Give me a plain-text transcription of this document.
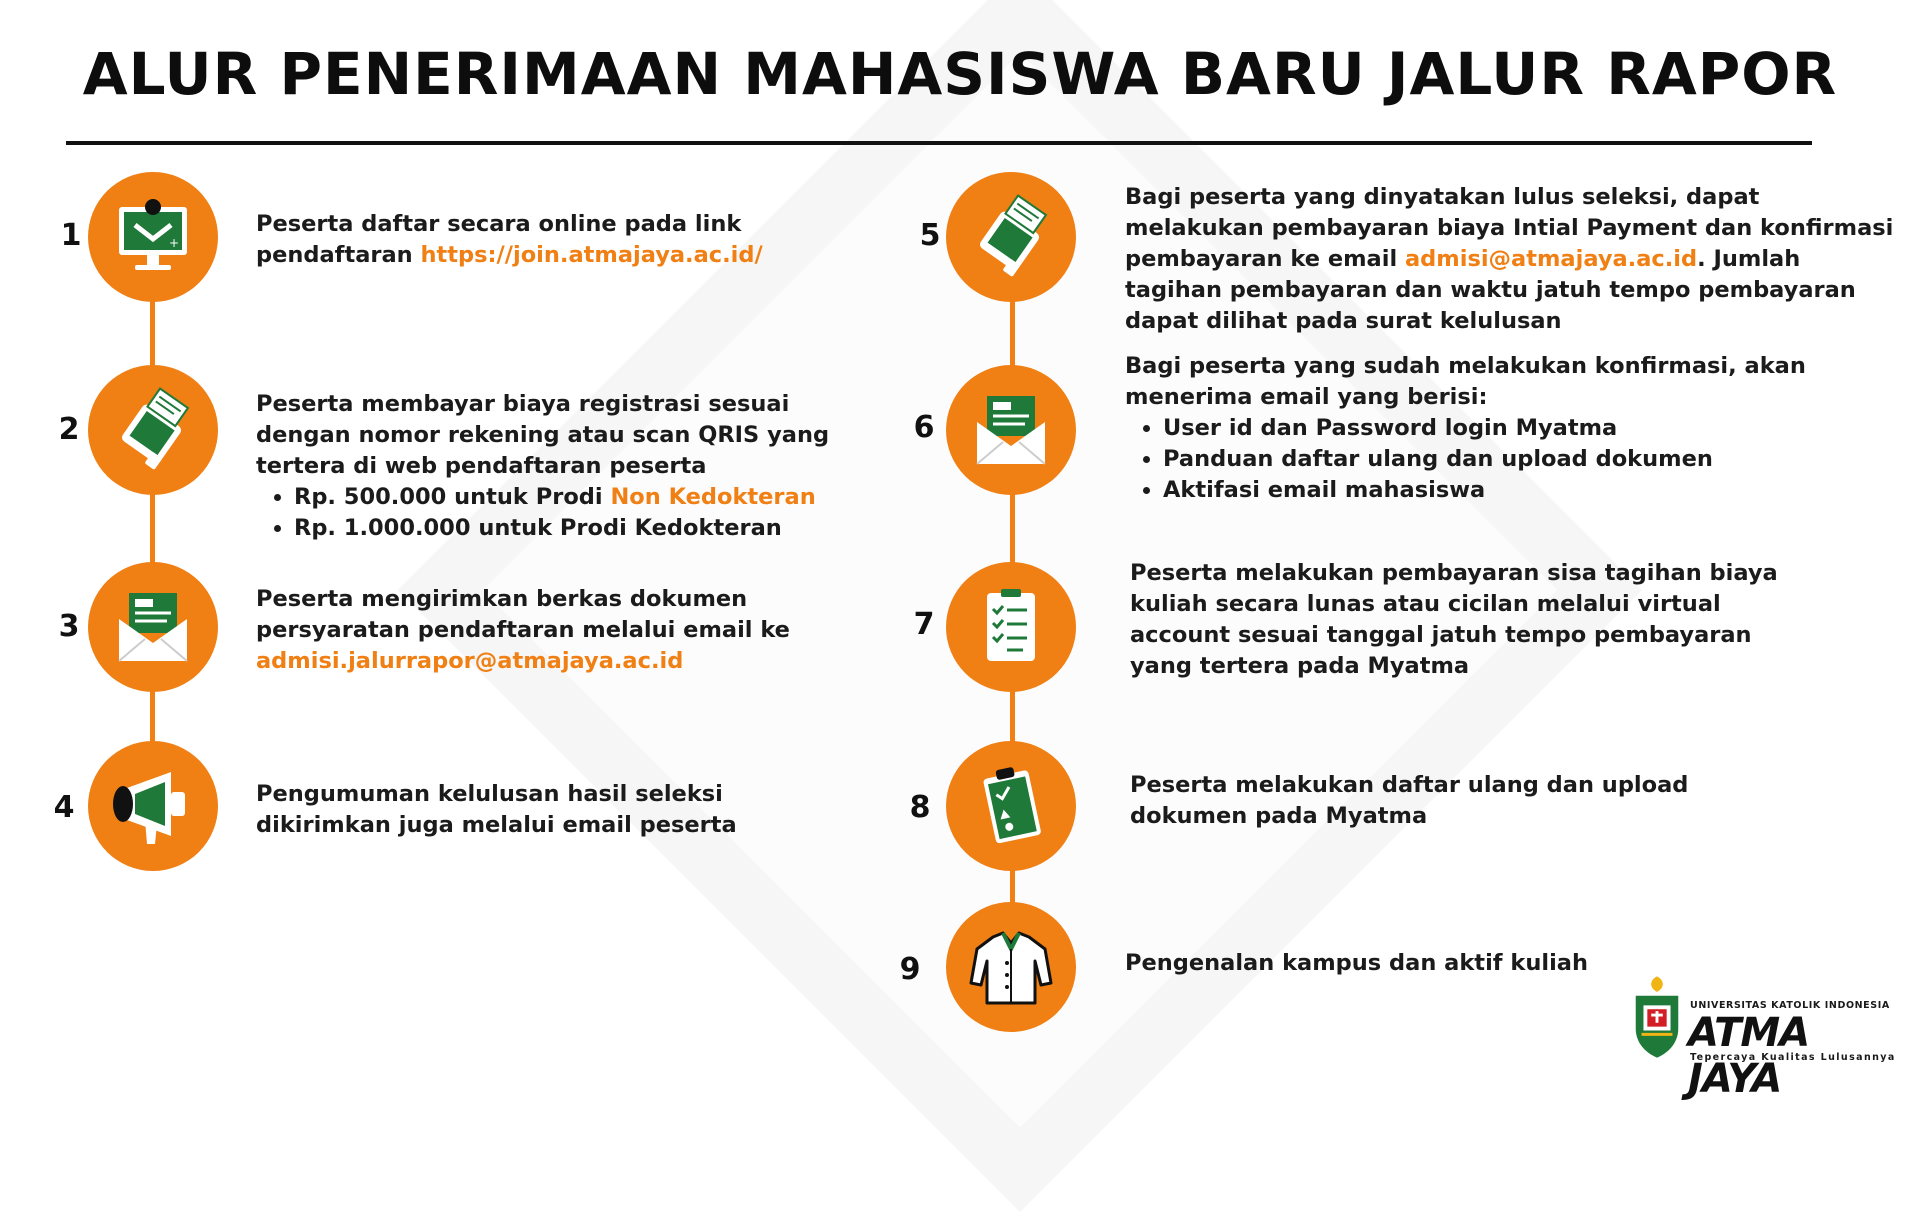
ALUR PENERIMAAN MAHASISWA BARU JALUR RAPOR
1	+
Peserta daftar secara online pada link pendaftaran https://join.atmajaya.ac.id/
2
Peserta membayar biaya registrasi sesuai dengan nomor rekening atau scan QRIS yang tertera di web pendaftaran peserta
• Rp. 500.000 untuk Prodi Non Kedokteran
• Rp. 1.000.000 untuk Prodi Kedokteran
3
Peserta mengirimkan berkas dokumen persyaratan pendaftaran melalui email ke admisi.jalurrapor@atmajaya.ac.id
4	Pengumuman kelulusan hasil seleksi dikirimkan juga melalui email peserta
5
Bagi peserta yang dinyatakan lulus seleksi, dapat melakukan pembayaran biaya Intial Payment dan konfirmasi pembayaran ke email admisi@atmajaya.ac.id. Jumlah tagihan pembayaran dan waktu jatuh tempo pembayaran dapat dilihat pada surat kelulusan
6
Bagi peserta yang sudah melakukan konfirmasi, akan menerima email yang berisi:
• User id dan Password login Myatma
• Panduan daftar ulang dan upload dokumen
• Aktifasi email mahasiswa
7
Peserta melakukan pembayaran sisa tagihan biaya kuliah secara lunas atau cicilan melalui virtual account sesuai tanggal jatuh tempo pembayaran yang tertera pada Myatma
8
Peserta melakukan daftar ulang dan upload dokumen pada Myatma
9	Pengenalan kampus dan aktif kuliah
UNIVERSITAS KATOLIK INDONESIA
ATMA JAYA
Tepercaya Kualitas Lulusannya
